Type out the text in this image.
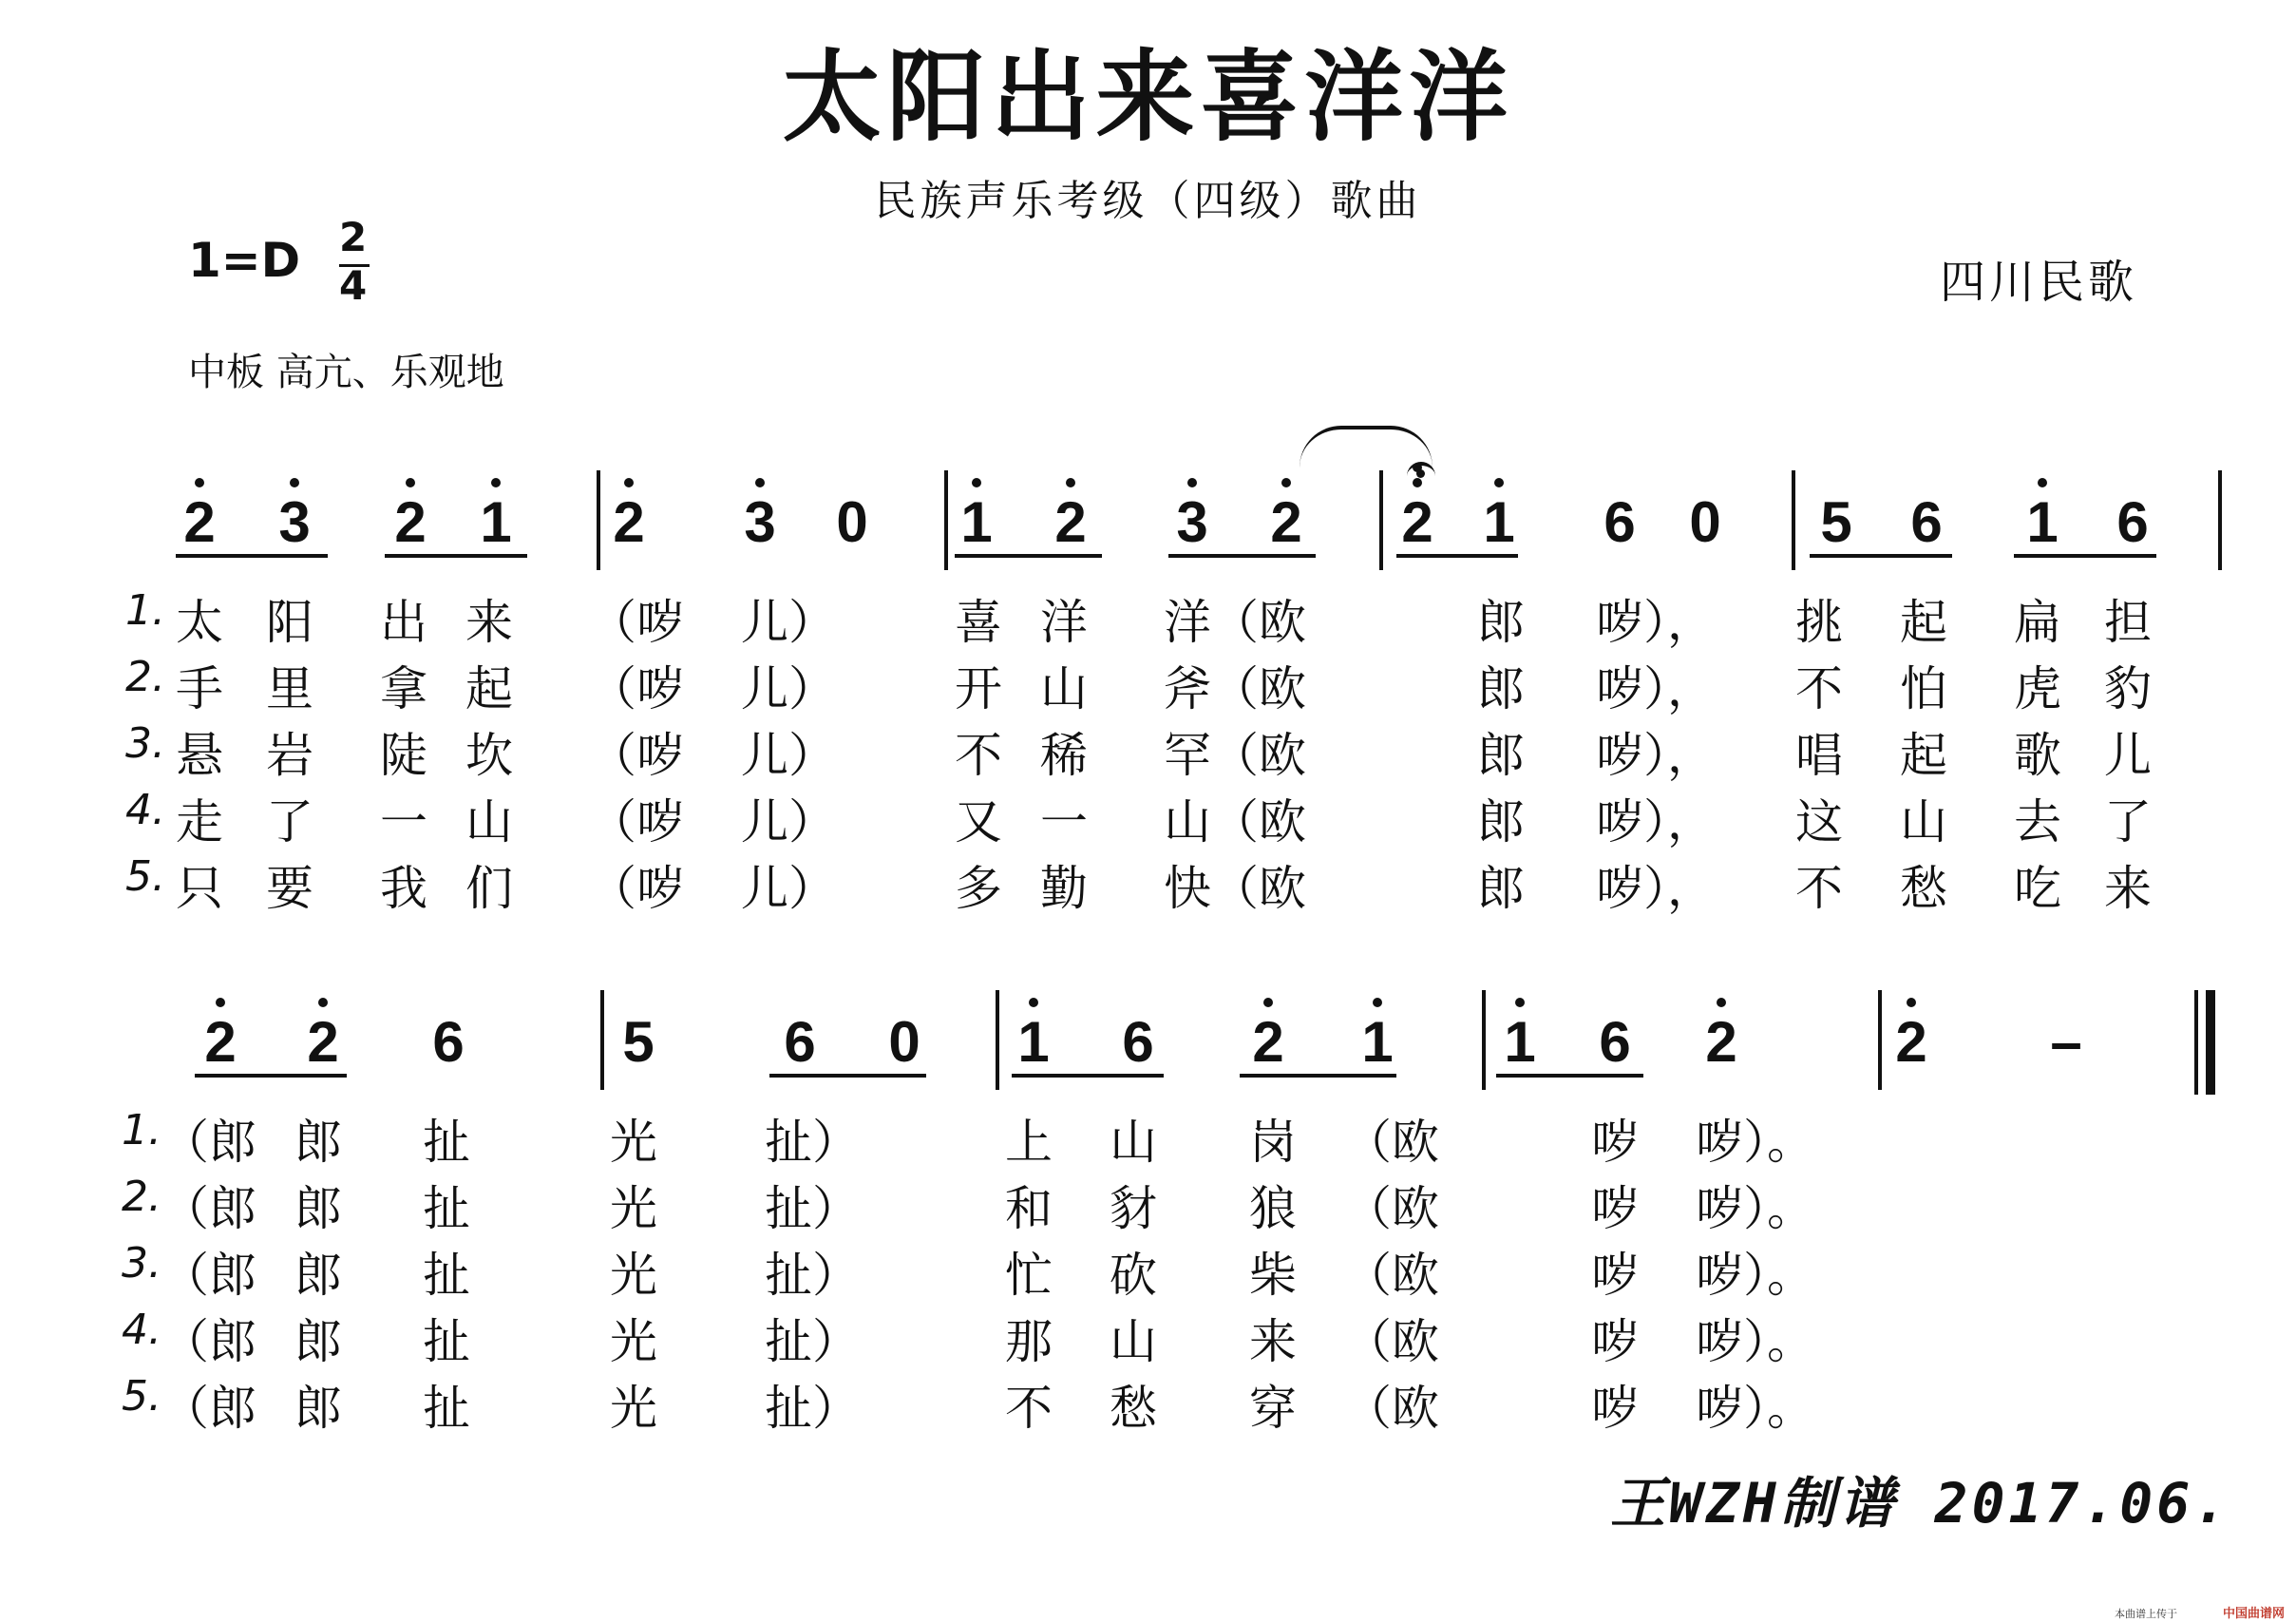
太阳出来喜洋洋
民族声乐考级（四级）歌曲
1=D 2
4
中板 高亢、乐观地
四川民歌
2 3 2 1 2 3 0 1 2 3 2 2 1 6 0 5 6 1 6
1. 太 阳 出 来 （哕	儿）	喜 洋 洋（欧	郎 哕），	挑 起 扁 担
2. 手 里 拿 起 （哕	儿）	开 山 斧（欧	郎 哕），	不 怕 虎 豹
3. 悬 岩 陡 坎 （哕	儿）	不 稀 罕（欧	郎 哕），	唱 起 歌 儿
4. 走 了 一 山 （哕	儿）	又 一 山（欧	郎 哕），	这 山 去 了
5. 只 要 我 们 （哕	儿）	多 勤 快（欧	郎 哕），	不 愁 吃 来
2 2 6	5 6 0 1 6 2 1 1 6 2	2 –
1. （郎 郎 扯	光 扯）	上 山 岗 （欧	哕 哕）。
2. （郎 郎 扯	光 扯）	和 豺 狼 （欧	哕 哕）。
3. （郎 郎 扯	光 扯）	忙 砍 柴 （欧	哕 哕）。
4. （郎 郎 扯	光 扯）	那 山 来 （欧	哕 哕）。
5. （郎 郎 扯	光 扯）	不 愁 穿 （欧	哕 哕）。
王WZH制谱 2017.06.
本曲谱上传于	中国曲谱网
